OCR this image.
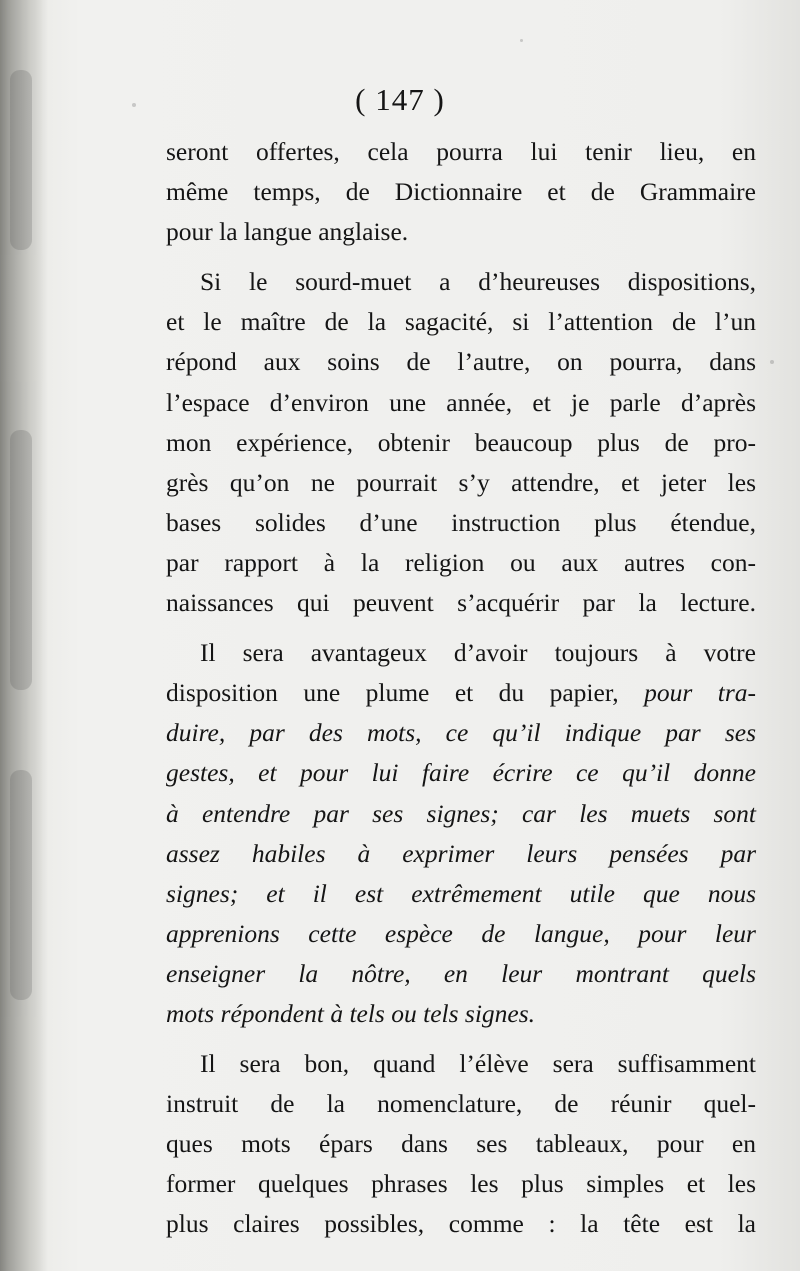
( 147 )
seront offertes, cela pourra lui tenir lieu, en
même temps, de Dictionnaire et de Grammaire
pour la langue anglaise.
Si le sourd-muet a d’heureuses dispositions,
et le maître de la sagacité, si l’attention de l’un
répond aux soins de l’autre, on pourra, dans
l’espace d’environ une année, et je parle d’après
mon expérience, obtenir beaucoup plus de pro-
grès qu’on ne pourrait s’y attendre, et jeter les
bases solides d’une instruction plus étendue,
par rapport à la religion ou aux autres con-
naissances qui peuvent s’acquérir par la lecture.
Il sera avantageux d’avoir toujours à votre
disposition une plume et du papier, pour tra-
duire, par des mots, ce qu’il indique par ses
gestes, et pour lui faire écrire ce qu’il donne
à entendre par ses signes; car les muets sont
assez habiles à exprimer leurs pensées par
signes; et il est extrêmement utile que nous
apprenions cette espèce de langue, pour leur
enseigner la nôtre, en leur montrant quels
mots répondent à tels ou tels signes.
Il sera bon, quand l’élève sera suffisamment
instruit de la nomenclature, de réunir quel-
ques mots épars dans ses tableaux, pour en
former quelques phrases les plus simples et les
plus claires possibles, comme : la tête est la
